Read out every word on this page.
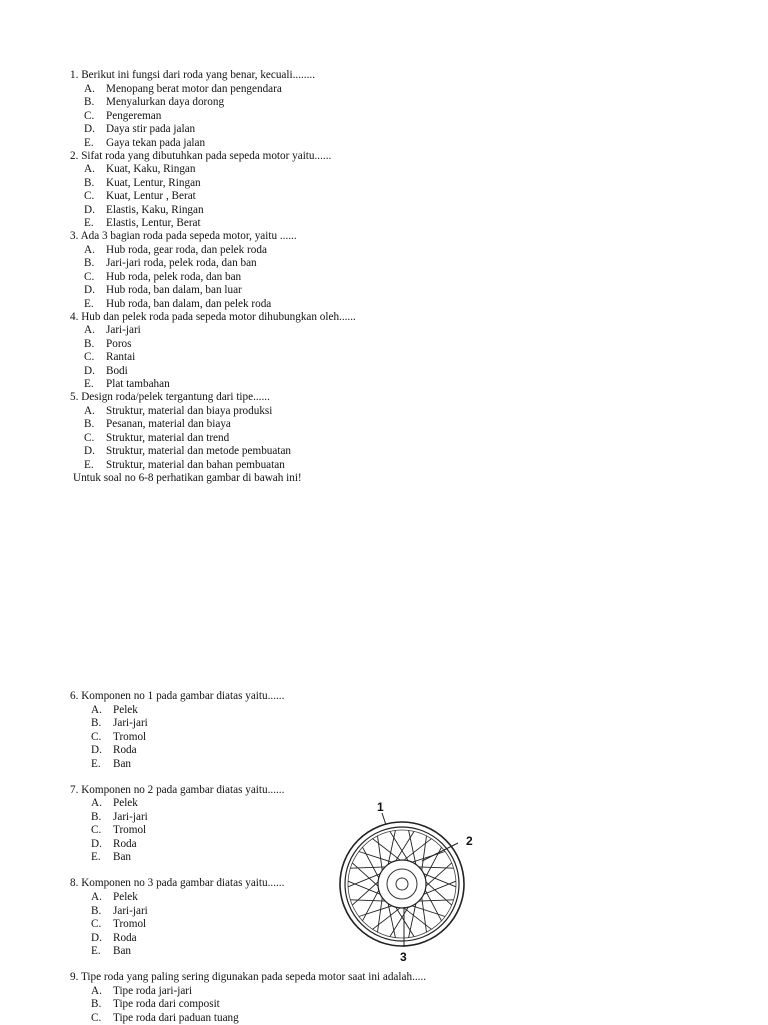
1. Berikut ini fungsi dari roda yang benar, kecuali........
A. Menopang berat motor dan pengendara
B. Menyalurkan daya dorong
C. Pengereman
D. Daya stir pada jalan
E. Gaya tekan pada jalan
2. Sifat roda yang dibutuhkan pada sepeda motor yaitu......
A. Kuat, Kaku, Ringan
B. Kuat, Lentur, Ringan
C. Kuat, Lentur , Berat
D. Elastis, Kaku, Ringan
E. Elastis, Lentur, Berat
3. Ada 3 bagian roda pada sepeda motor, yaitu ......
A. Hub roda, gear roda, dan pelek roda
B. Jari-jari roda, pelek roda, dan ban
C. Hub roda, pelek roda, dan ban
D. Hub roda, ban dalam, ban luar
E. Hub roda, ban dalam, dan pelek roda
4. Hub dan pelek roda pada sepeda motor dihubungkan oleh......
A. Jari-jari
B. Poros
C. Rantai
D. Bodi
E. Plat tambahan
5. Design roda/pelek tergantung dari tipe......
A. Struktur, material dan biaya produksi
B. Pesanan, material dan biaya
C. Struktur, material dan trend
D. Struktur, material dan metode pembuatan
E. Struktur, material dan bahan pembuatan
Untuk soal no 6-8 perhatikan gambar di bawah ini!
6. Komponen no 1 pada gambar diatas yaitu......
A. Pelek
B. Jari-jari
C. Tromol
D. Roda
E. Ban
7. Komponen no 2 pada gambar diatas yaitu......
A. Pelek
B. Jari-jari
C. Tromol
D. Roda
E. Ban
8. Komponen no 3 pada gambar diatas yaitu......
A. Pelek
B. Jari-jari
C. Tromol
D. Roda
E. Ban
9. Tipe roda yang paling sering digunakan pada sepeda motor saat ini adalah.....
A. Tipe roda jari-jari
B. Tipe roda dari composit
C. Tipe roda dari paduan tuang
1
2
3
